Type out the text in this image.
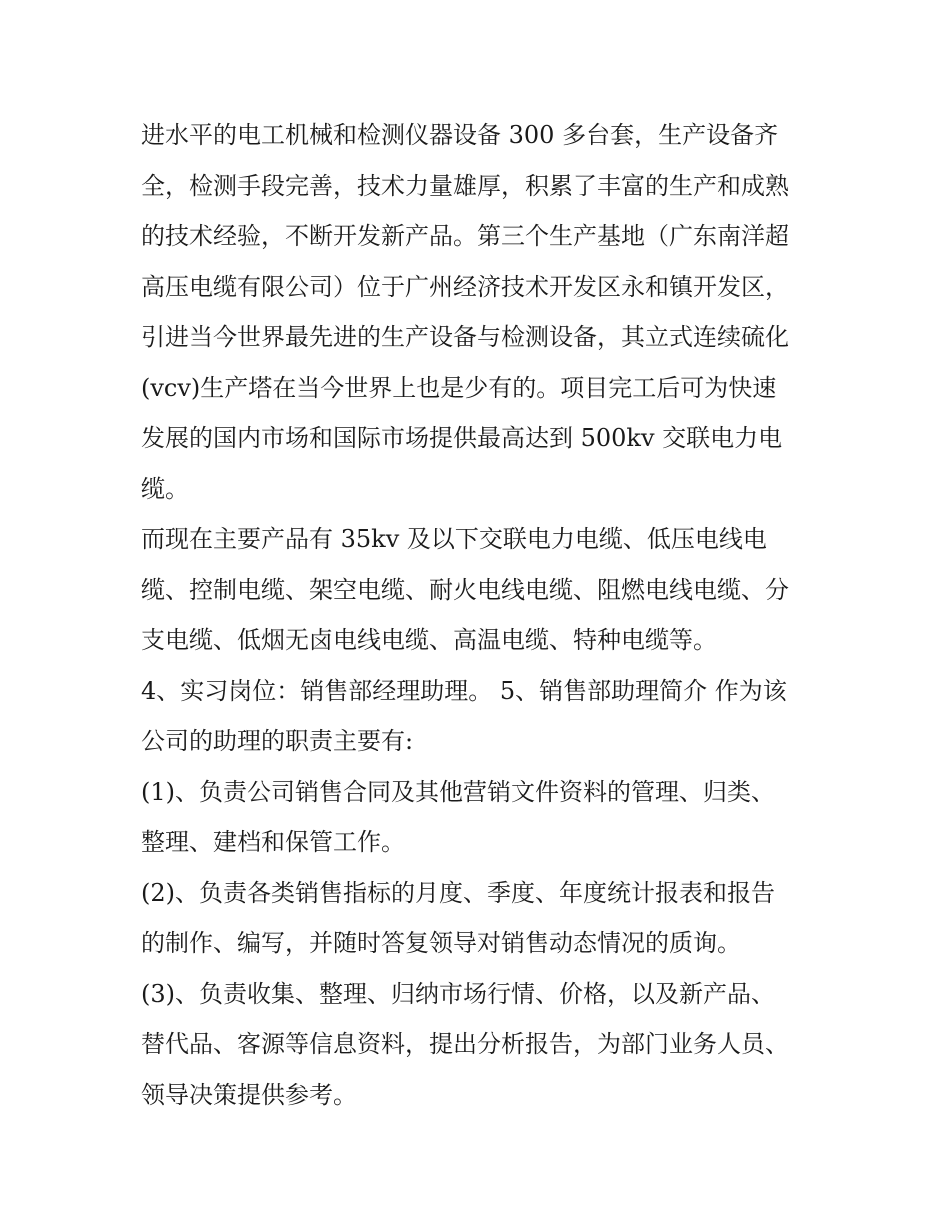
进水平的电工机械和检测仪器设备 300 多台套，生产设备齐
全，检测手段完善，技术力量雄厚，积累了丰富的生产和成熟
的技术经验，不断开发新产品。第三个生产基地（广东南洋超
高压电缆有限公司）位于广州经济技术开发区永和镇开发区，
引进当今世界最先进的生产设备与检测设备，其立式连续硫化
(vcv)生产塔在当今世界上也是少有的。项目完工后可为快速
发展的国内市场和国际市场提供最高达到 500kv 交联电力电
缆。
而现在主要产品有 35kv 及以下交联电力电缆、低压电线电
缆、控制电缆、架空电缆、耐火电线电缆、阻燃电线电缆、分
支电缆、低烟无卤电线电缆、高温电缆、特种电缆等。
4、实习岗位：销售部经理助理。 5、销售部助理简介 作为该
公司的助理的职责主要有:
(1)、负责公司销售合同及其他营销文件资料的管理、归类、
整理、建档和保管工作。
(2)、负责各类销售指标的月度、季度、年度统计报表和报告
的制作、编写，并随时答复领导对销售动态情况的质询。
(3)、负责收集、整理、归纳市场行情、价格，以及新产品、
替代品、客源等信息资料，提出分析报告，为部门业务人员、
领导决策提供参考。
